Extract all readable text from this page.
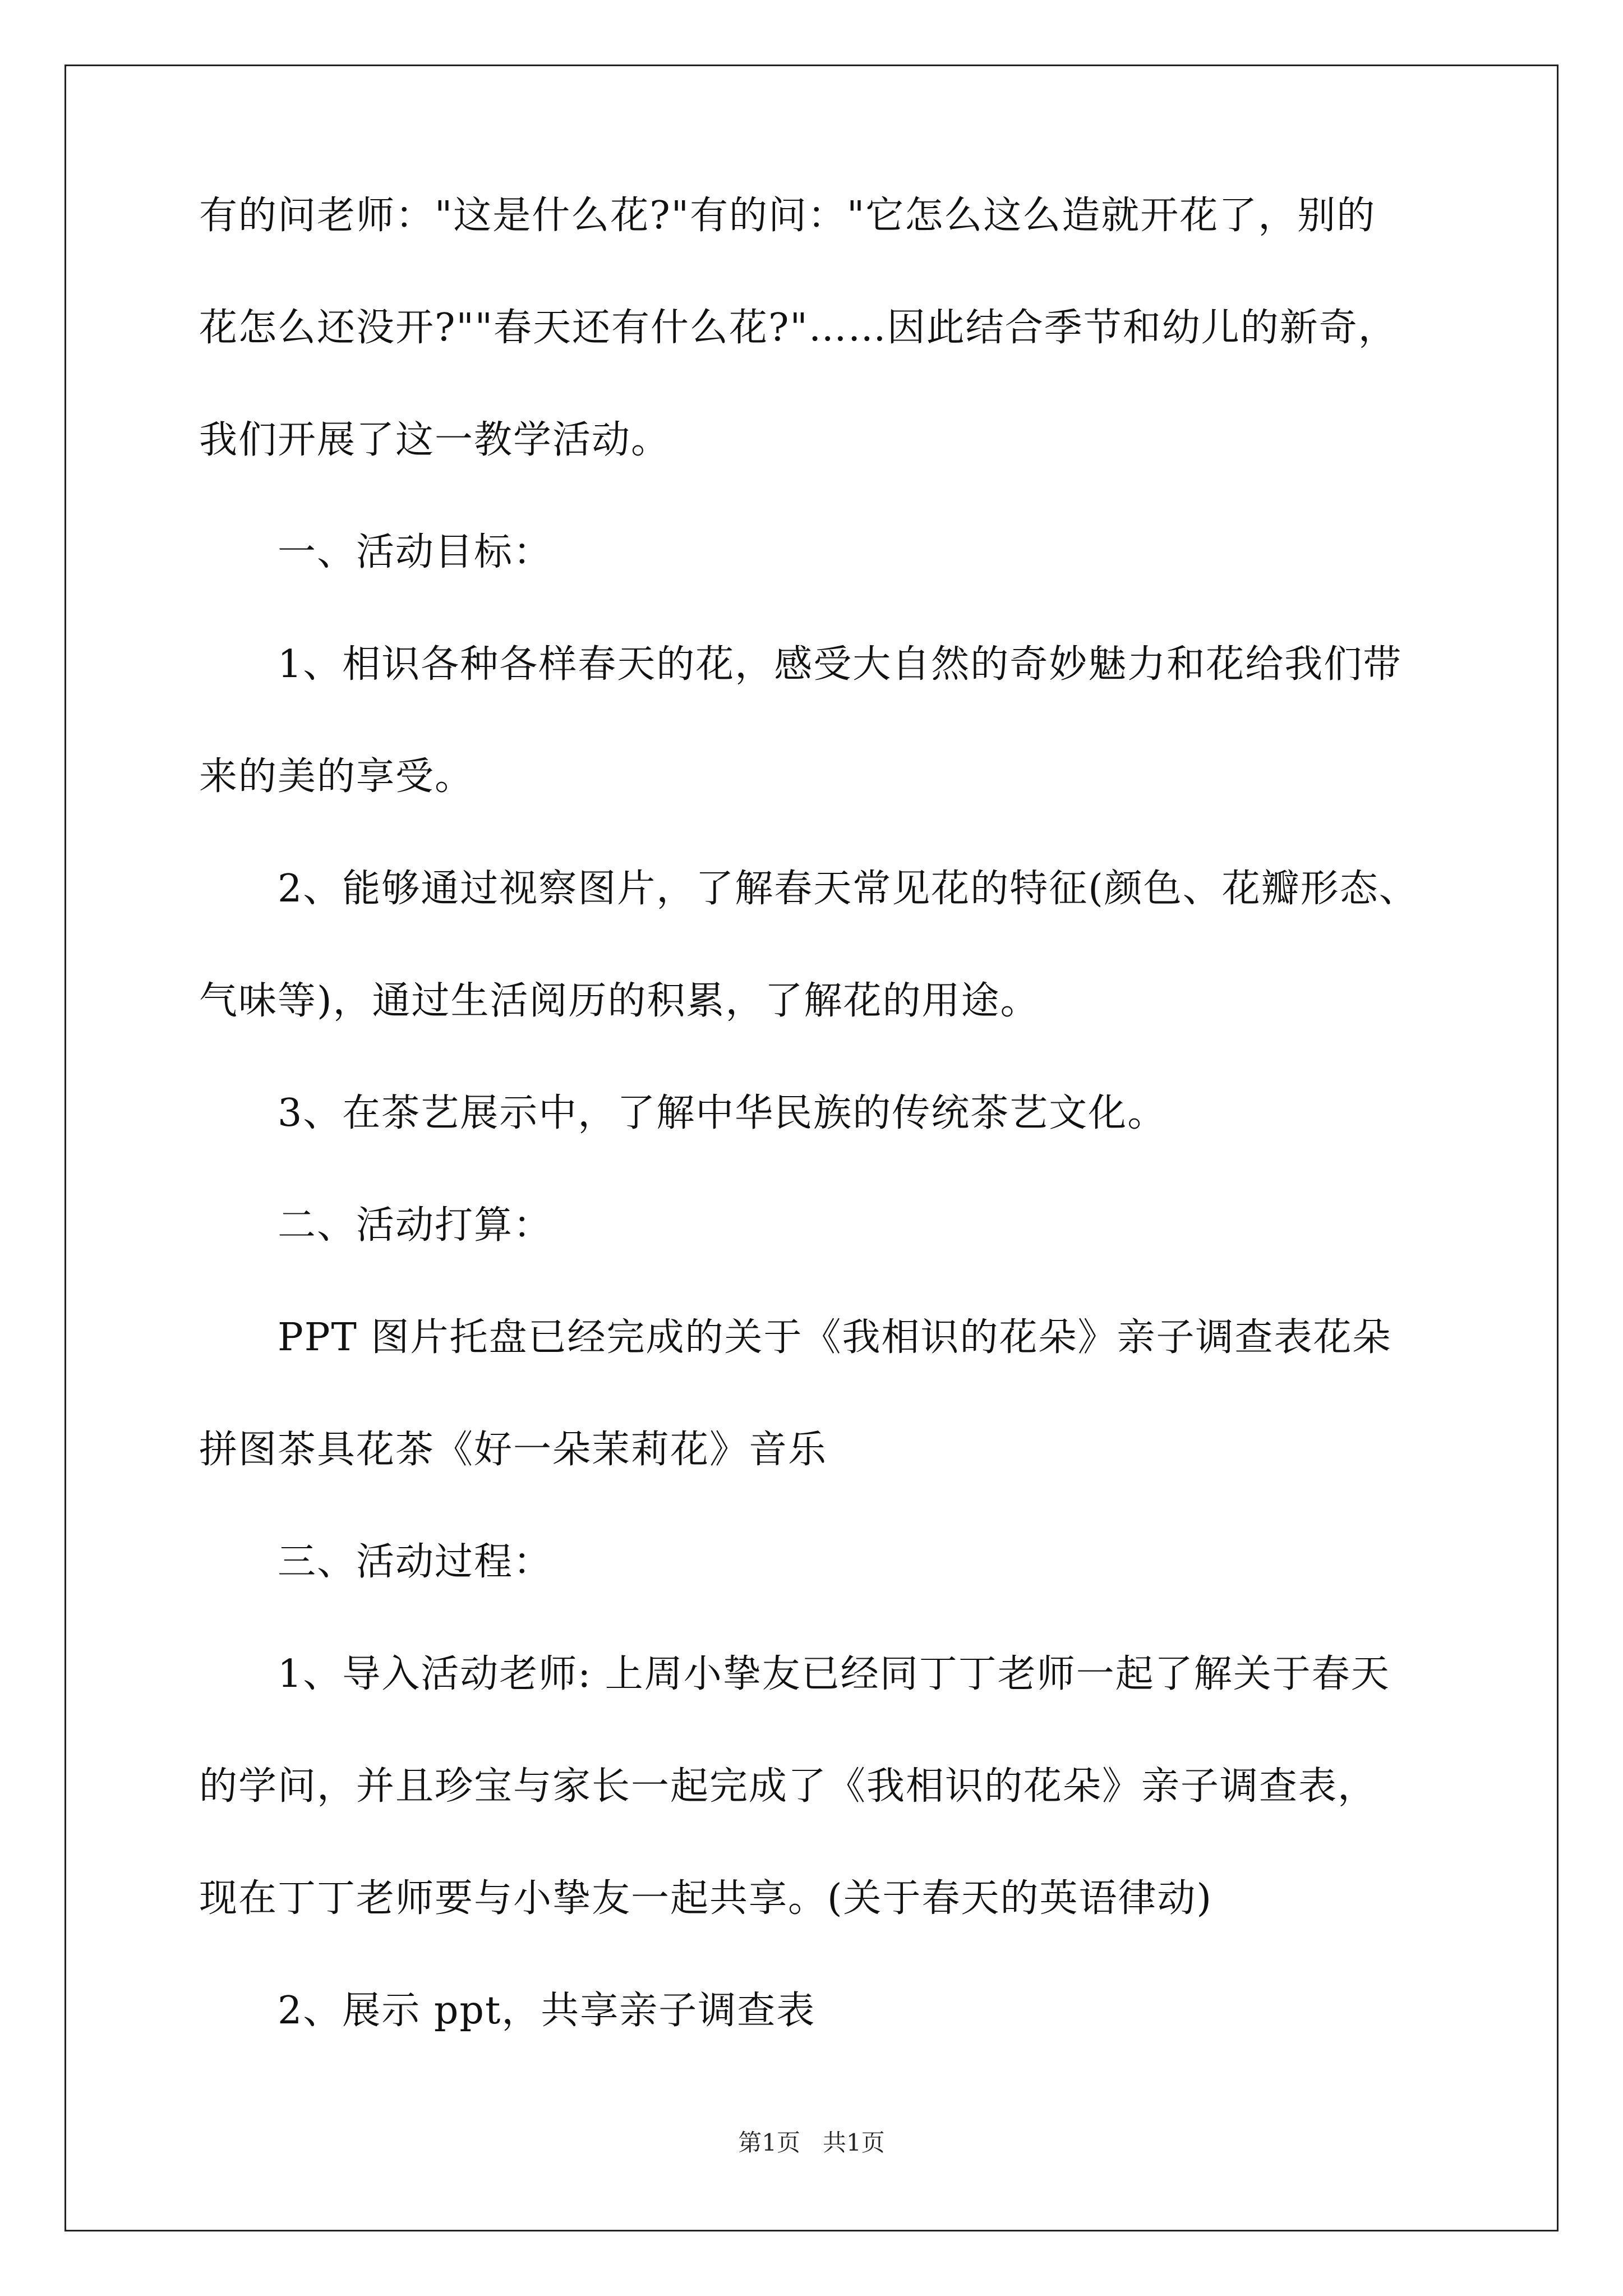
有的问老师："这是什么花?"有的问："它怎么这么造就开花了，别的
花怎么还没开?""春天还有什么花?"……因此结合季节和幼儿的新奇，
我们开展了这一教学活动。
一、活动目标：
1、相识各种各样春天的花，感受大自然的奇妙魅力和花给我们带
来的美的享受。
2、能够通过视察图片，了解春天常见花的特征(颜色、花瓣形态、
气味等)，通过生活阅历的积累，了解花的用途。
3、在茶艺展示中，了解中华民族的传统茶艺文化。
二、活动打算：
PPT 图片托盘已经完成的关于《我相识的花朵》亲子调查表花朵
拼图茶具花茶《好一朵茉莉花》音乐
三、活动过程：
1、导入活动老师: 上周小挚友已经同丁丁老师一起了解关于春天
的学问，并且珍宝与家长一起完成了《我相识的花朵》亲子调查表，
现在丁丁老师要与小挚友一起共享。(关于春天的英语律动)
2、展示 ppt，共享亲子调查表
第1页 共1页
